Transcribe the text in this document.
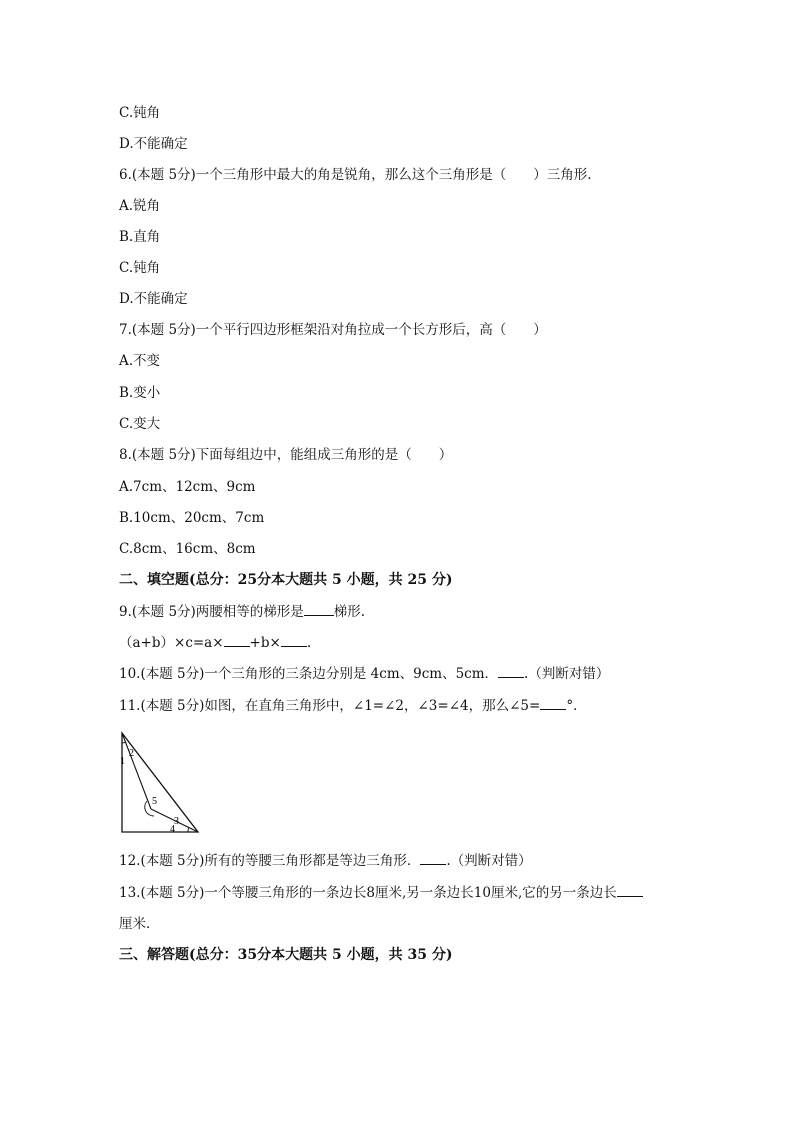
C.钝角
D.不能确定
6.(本题 5分)一个三角形中最大的角是锐角，那么这个三角形是（　　）三角形.
A.锐角
B.直角
C.钝角
D.不能确定
7.(本题 5分)一个平行四边形框架沿对角拉成一个长方形后，高（　　）
A.不变
B.变小
C.变大
8.(本题 5分)下面每组边中，能组成三角形的是（　　）
A.7cm、12cm、9cm
B.10cm、20cm、7cm
C.8cm、16cm、8cm
二、填空题(总分：25分本大题共 5 小题，共 25 分)
9.(本题 5分)两腰相等的梯形是 梯形.
（a+b）×c=a× +b× .
10.(本题 5分)一个三角形的三条边分别是 4cm、9cm、5cm． .（判断对错）
11.(本题 5分)如图，在直角三角形中，∠1=∠2，∠3=∠4，那么∠5= °．
1
2
5
3
4
12.(本题 5分)所有的等腰三角形都是等边三角形． .（判断对错）
13.(本题 5分)一个等腰三角形的一条边长8厘米,另一条边长10厘米,它的另一条边长
厘米．
三、解答题(总分：35分本大题共 5 小题，共 35 分)
